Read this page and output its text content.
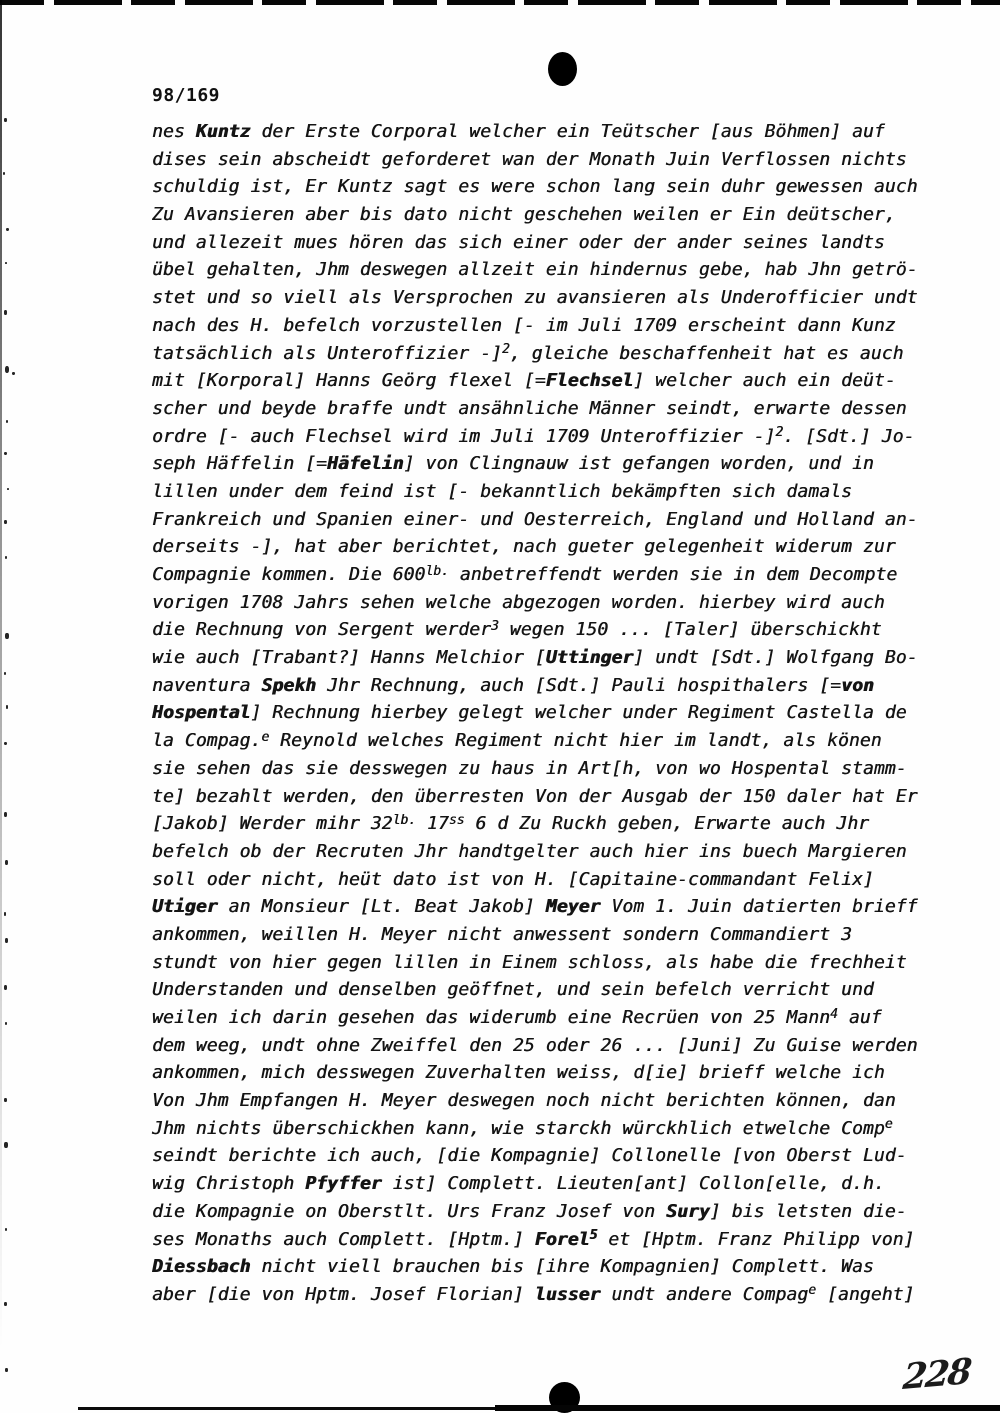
98/169
nes Kuntz der Erste Corporal welcher ein Teütscher [aus Böhmen] auf
dises sein abscheidt geforderet wan der Monath Juin Verflossen nichts
schuldig ist, Er Kuntz sagt es were schon lang sein duhr gewessen auch
Zu Avansieren aber bis dato nicht geschehen weilen er Ein deütscher,
und allezeit mues hören das sich einer oder der ander seines landts
übel gehalten, Jhm deswegen allzeit ein hindernus gebe, hab Jhn getrö-
stet und so viell als Versprochen zu avansieren als Underofficier undt
nach des H. befelch vorzustellen [- im Juli 1709 erscheint dann Kunz
tatsächlich als Unteroffizier -]$^2$, gleiche beschaffenheit hat es auch
mit [Korporal] Hanns Geörg flexel [=Flechsel] welcher auch ein deüt-
scher und beyde braffe undt ansähnliche Männer seindt, erwarte dessen
ordre [- auch Flechsel wird im Juli 1709 Unteroffizier -]$^2$. [Sdt.] Jo-
seph Häffelin [=Häfelin] von Clingnauw ist gefangen worden, und in
lillen under dem feind ist [- bekanntlich bekämpften sich damals
Frankreich und Spanien einer- und Oesterreich, England und Holland an-
derseits -], hat aber berichtet, nach gueter gelegenheit widerum zur
Compagnie kommen. Die $600^{lb.}$ anbetreffendt werden sie in dem Decompte
vorigen 1708 Jahrs sehen welche abgezogen worden. hierbey wird auch
die Rechnung von Sergent werder$^3$ wegen 150 ... [Taler] überschickht
wie auch [Trabant?] Hanns Melchior [Uttinger] undt [Sdt.] Wolfgang Bo-
naventura Spekh Jhr Rechnung, auch [Sdt.] Pauli hospithalers [=von
Hospental] Rechnung hierbey gelegt welcher under Regiment Castella de
la Compag.$^e$ Reynold welches Regiment nicht hier im landt, als könen
sie sehen das sie desswegen zu haus in Art[h, von wo Hospental stamm-
te] bezahlt werden, den überresten Von der Ausgab der 150 daler hat Er
[Jakob] Werder mihr $32^{lb.}$ $17^{ss}$ 6 d Zu Ruckh geben, Erwarte auch Jhr
befelch ob der Recruten Jhr handtgelter auch hier ins buech Margieren
soll oder nicht, heüt dato ist von H. [Capitaine-commandant Felix]
Utiger an Monsieur [Lt. Beat Jakob] Meyer Vom 1. Juin datierten brieff
ankommen, weillen H. Meyer nicht anwessent sondern Commandiert 3
stundt von hier gegen lillen in Einem schloss, als habe die frechheit
Understanden und denselben geöffnet, und sein befelch verricht und
weilen ich darin gesehen das widerumb eine Recrüen von 25 Mann$^4$ auf
dem weeg, undt ohne Zweiffel den 25 oder 26 ... [Juni] Zu Guise werden
ankommen, mich desswegen Zuverhalten weiss, d[ie] brieff welche ich
Von Jhm Empfangen H. Meyer deswegen noch nicht berichten können, dan
Jhm nichts überschickhen kann, wie starckh würckhlich etwelche Comp$^e$
seindt berichte ich auch, [die Kompagnie] Collonelle [von Oberst Lud-
wig Christoph Pfyffer ist] Complett. Lieuten[ant] Collon[elle, d.h.
die Kompagnie on Oberstlt. Urs Franz Josef von Sury] bis letsten die-
ses Monaths auch Complett. [Hptm.] Forel$^5$ et [Hptm. Franz Philipp von]
Diessbach nicht viell brauchen bis [ihre Kompagnien] Complett. Was
aber [die von Hptm. Josef Florian] lusser undt andere Compag$^e$ [angeht]
228
